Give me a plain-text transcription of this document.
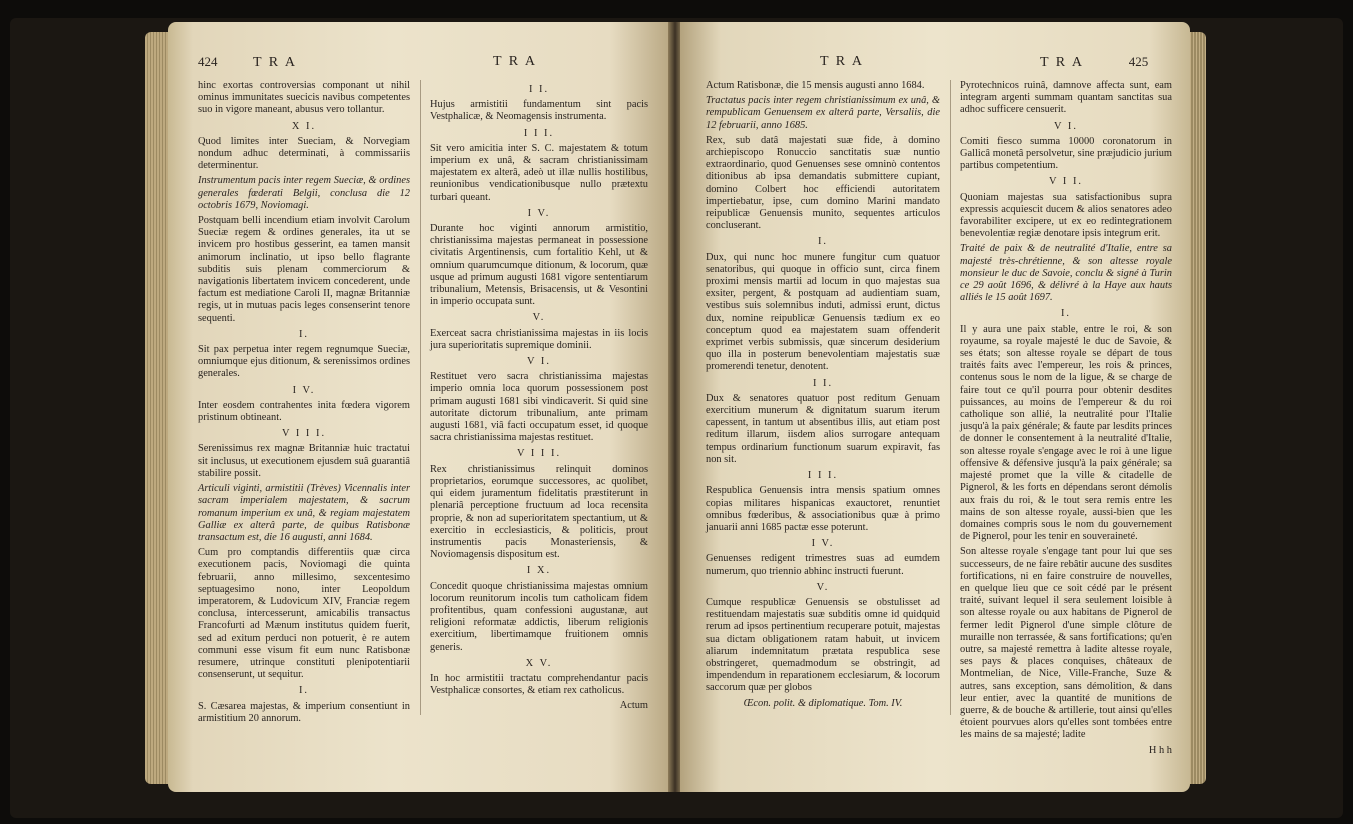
424	T R A	T R A

hinc exortas controversias componant ut nihil ominus immunitates suecicis navibus competentes suo in vigore maneant, abusus vero tollantur.

X I.

Quod limites inter Sueciam, & Norvegiam nondum adhuc determinati, à commissariis determinentur.

Instrumentum pacis inter regem Sueciæ, & ordines generales fœderati Belgii, conclusa die 12 octobris 1679, Noviomagi.

Postquam belli incendium etiam involvit Carolum Sueciæ regem & ordines generales, ita ut se invicem pro hostibus gesserint, ea tamen mansit animorum inclinatio, ut ipso bello flagrante subditis suis plenam commerciorum & navigationis libertatem invicem concederent, unde factum est mediatione Caroli II, magnæ Britanniæ regis, ut in mutuas pacis leges consenserint tenore sequenti.

I.

Sit pax perpetua inter regem regnumque Sueciæ, omniumque ejus ditionum, & serenissimos ordines generales.

I V.

Inter eosdem contrahentes inita fœdera vigorem pristinum obtineant.

V I I I.

Serenissimus rex magnæ Britanniæ huic tractatui sit inclusus, ut executionem ejusdem suâ guarantiâ stabilire possit.

Articuli viginti, armistitii (Trèves) Vicennalis inter sacram imperialem majestatem, & sacrum romanum imperium ex unâ, & regiam majestatem Galliæ ex alterâ parte, de quibus Ratisbonæ transactum est, die 16 augusti, anni 1684.

Cum pro comptandis differentiis quæ circa executionem pacis, Noviomagi die quinta februarii, anno millesimo, sexcentesimo septuagesimo nono, inter Leopoldum imperatorem, & Ludovicum XIV, Franciæ regem conclusa, intercesserunt, amicabilis transactus Francofurti ad Mænum institutus quidem fuerit, sed ad exitum perduci non potuerit, è re autem communi esse visum fit eum nunc Ratisbonæ resumere, utrinque constituti plenipotentiarii consenserunt, ut sequitur.

I.

S. Cæsarea majestas, & imperium consentiunt in armistitium 20 annorum.

I I.

Hujus armistitii fundamentum sint pacis Vestphalicæ, & Neomagensis instrumenta.

I I I.

Sit vero amicitia inter S. C. majestatem & totum imperium ex unâ, & sacram christianissimam majestatem ex alterâ, adeò ut illæ nullis hostilibus, reunionibus vendicationibusque nullo prætextu turbari queant.

I V.

Durante hoc viginti annorum armistitio, christianissima majestas permaneat in possessione civitatis Argentinensis, cum fortalitio Kehl, ut & omnium quarumcumque ditionum, & locorum, quæ usque ad primum augusti 1681 vigore sententiarum tribunalium, Metensis, Brisacensis, ut & Vesontini in imperio occupata sunt.

V.

Exerceat sacra christianissima majestas in iis locis jura superioritatis supremique dominii.

V I.

Restituet vero sacra christianissima majestas imperio omnia loca quorum possessionem post primam augusti 1681 sibi vindicaverit. Si quid sine autoritate dictorum tribunalium, ante primam augusti 1681, viâ facti occupatum esset, id quoque sacra christianissima majestas restituet.

V I I I.

Rex christianissimus relinquit dominos proprietarios, eorumque successores, ac quolibet, qui eidem juramentum fidelitatis præstiterunt in plenariâ perceptione fructuum ad loca recensita proprie, & non ad superioritatem spectantium, ut & exercitio in ecclesiasticis, & politicis, prout instrumentis pacis Monasteriensis, & Noviomagensis dispositum est.

I X.

Concedit quoque christianissima majestas omnium locorum reunitorum incolis tum catholicam fidem profitentibus, quam confessioni augustanæ, aut religioni reformatæ addictis, liberum religionis exercitium, libertimamque fruitionem omnis generis.

X V.

In hoc armistitii tractatu comprehendantur pacis Vestphalicæ consortes, & etiam rex catholicus.

Actum

T R A	T R A	425

Actum Ratisbonæ, die 15 mensis augusti anno 1684.

Tractatus pacis inter regem christianissimum ex unâ, & rempublicam Genuensem ex alterâ parte, Versaliis, die 12 februarii, anno 1685.

Rex, sub datâ majestati suæ fide, à domino archiepiscopo Ronuccio sanctitatis suæ nuntio extraordinario, quod Genuenses sese omninò contentos ditionibus ab ipsa demandatis submittere cupiant, domino Colbert hoc efficiendi autoritatem impertiebatur, ipse, cum domino Marini mandato reipublicæ Genuensis munito, sequentes articulos concluserant.

I.

Dux, qui nunc hoc munere fungitur cum quatuor senatoribus, qui quoque in officio sunt, circa finem proximi mensis martii ad locum in quo majestas sua exsiter, pergent, & postquam ad audientiam suam, vestibus suis solemnibus induti, admissi erunt, dictus dux, nomine reipublicæ Genuensis tædium ex eo conceptum quod ea majestatem suam offenderit exprimet verbis submissis, quæ sincerum desiderium quo illa in posterum benevolentiam majestatis suæ promerendi tenetur, denotent.

I I.

Dux & senatores quatuor post reditum Genuam exercitium munerum & dignitatum suarum iterum capessent, in tantum ut absentibus illis, aut etiam post reditum illarum, iisdem alios surrogare antequam tempus ordinarium functionum suarum expiravit, fas non sit.

I I I.

Respublica Genuensis intra mensis spatium omnes copias militares hispanicas exauctoret, renuntiet omnibus fœderibus, & associationibus quæ à primo januarii anni 1685 pactæ esse poterunt.

I V.

Genuenses redigent trimestres suas ad eumdem numerum, quo triennio abhinc instructi fuerunt.

V.

Cumque respublicæ Genuensis se obstulisset ad restituendam majestatis suæ subditis omne id quidquid rerum ad ipsos pertinentium recuperare potuit, majestas sua dictam obligationem ratam habuit, ut invicem aliarum indemnitatum prætata respublica sese obstringeret, quemadmodum se obstringit, ad impendendum in reparationem ecclesiarum, & locorum saccorum quæ per globos

Œcon. polit. & diplomatique. Tom. IV.

Pyrotechnicos ruinâ, damnove affecta sunt, eam integram argenti summam quantam sanctitas sua adhoc sufficere censuerit.

V I.

Comiti fiesco summa 10000 coronatorum in Gallicâ monetâ persolvetur, sine præjudicio jurium partibus competentium.

V I I.

Quoniam majestas sua satisfactionibus supra expressis acquiescit ducem & alios senatores adeo favorabiliter excipere, ut ex eo redintegrationem benevolentiæ regiæ denotare ipsis integrum erit.

Traité de paix & de neutralité d'Italie, entre sa majesté très-chrétienne, & son altesse royale monsieur le duc de Savoie, conclu & signé à Turin ce 29 août 1696, & délivré à la Haye aux hauts alliés le 15 août 1697.

I.

Il y aura une paix stable, entre le roi, & son royaume, sa royale majesté le duc de Savoie, & ses états; son altesse royale se départ de tous traités faits avec l'empereur, les rois & princes, contenus sous le nom de la ligue, & se charge de faire tout ce qu'il pourra pour obtenir desdites puissances, au moins de l'empereur & du roi catholique son allié, la neutralité pour l'Italie jusqu'à la paix générale; & faute par lesdits princes de donner le consentement à la neutralité d'Italie, son altesse royale s'engage avec le roi à une ligue offensive & défensive jusqu'à la paix générale; sa majesté promet que la ville & citadelle de Pignerol, & les forts en dépendans seront démolis aux frais du roi, & le tout sera remis entre les mains de son altesse royale, aussi-bien que les domaines compris sous le nom du gouvernement de Pignerol, pour les tenir en souveraineté.

Son altesse royale s'engage tant pour lui que ses successeurs, de ne faire rebâtir aucune des susdites fortifications, ni en faire construire de nouvelles, en quelque lieu que ce soit cédé par le présent traité, suivant lequel il sera seulement loisible à son altesse royale ou aux habitans de Pignerol de fermer ledit Pignerol d'une simple clôture de muraille non terrassée, & sans fortifications; qu'en outre, sa majesté remettra à ladite altesse royale, ses pays & places conquises, châteaux de Montmelian, de Nice, Ville-Franche, Suze & autres, sans exception, sans démolition, & dans leur entier, avec la quantité de munitions de guerre, & de bouche & artillerie, tout ainsi qu'elles étoient pourvues alors qu'elles sont tombées entre les mains de sa majesté; ladite

H h h
